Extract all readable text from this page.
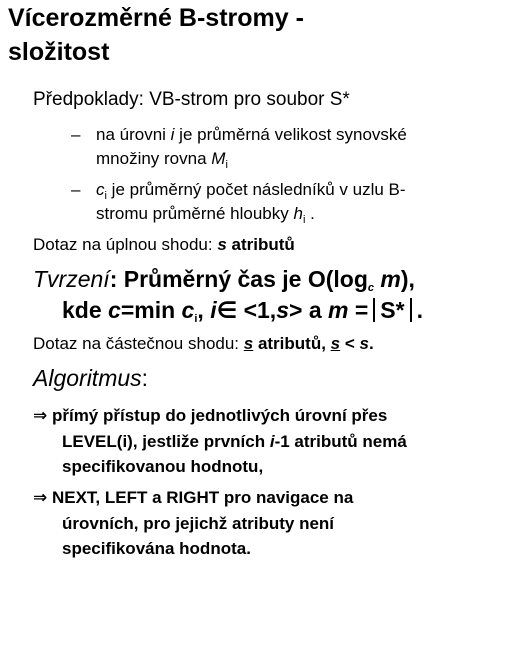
Vícerozměrné B-stromy -
složitost
Předpoklady: VB-strom pro soubor S*
– na úrovni i je průměrná velikost synovské
množiny rovna $M_i$
– $c_i$ je průměrný počet následníků v uzlu B-
stromu průměrné hloubky $h_i$ .
Dotaz na úplnou shodu: s atributů
Tvrzení: Průměrný čas je $O(\log_c$ m),
kde c=min $c_i$, i∈ <1,s> a m = S* .
Dotaz na částečnou shodu: s atributů, s < s.
Algoritmus:
⇒ přímý přístup do jednotlivých úrovní přes
LEVEL(i), jestliže prvních i-1 atributů nemá
specifikovanou hodnotu,
⇒ NEXT, LEFT a RIGHT pro navigace na
úrovních, pro jejichž atributy není
specifikována hodnota.
